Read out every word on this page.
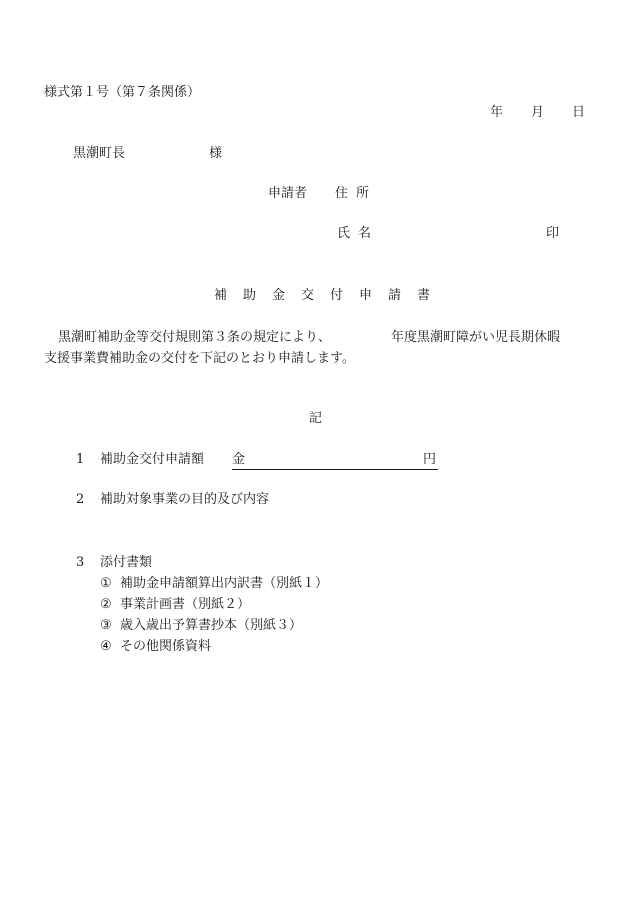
様式第１号（第７条関係）
年 月 日
黒潮町長	様
申請者 住所
氏名	印
補助金交付申請書
黒潮町補助金等交付規則第３条の規定により、	年度黒潮町障がい児長期休暇
支援事業費補助金の交付を下記のとおり申請します。
記
1 補助金交付申請額 金	円
2 補助対象事業の目的及び内容
3 添付書類
① 補助金申請額算出内訳書（別紙１）
② 事業計画書（別紙２）
③ 歳入歳出予算書抄本（別紙３）
④ その他関係資料
